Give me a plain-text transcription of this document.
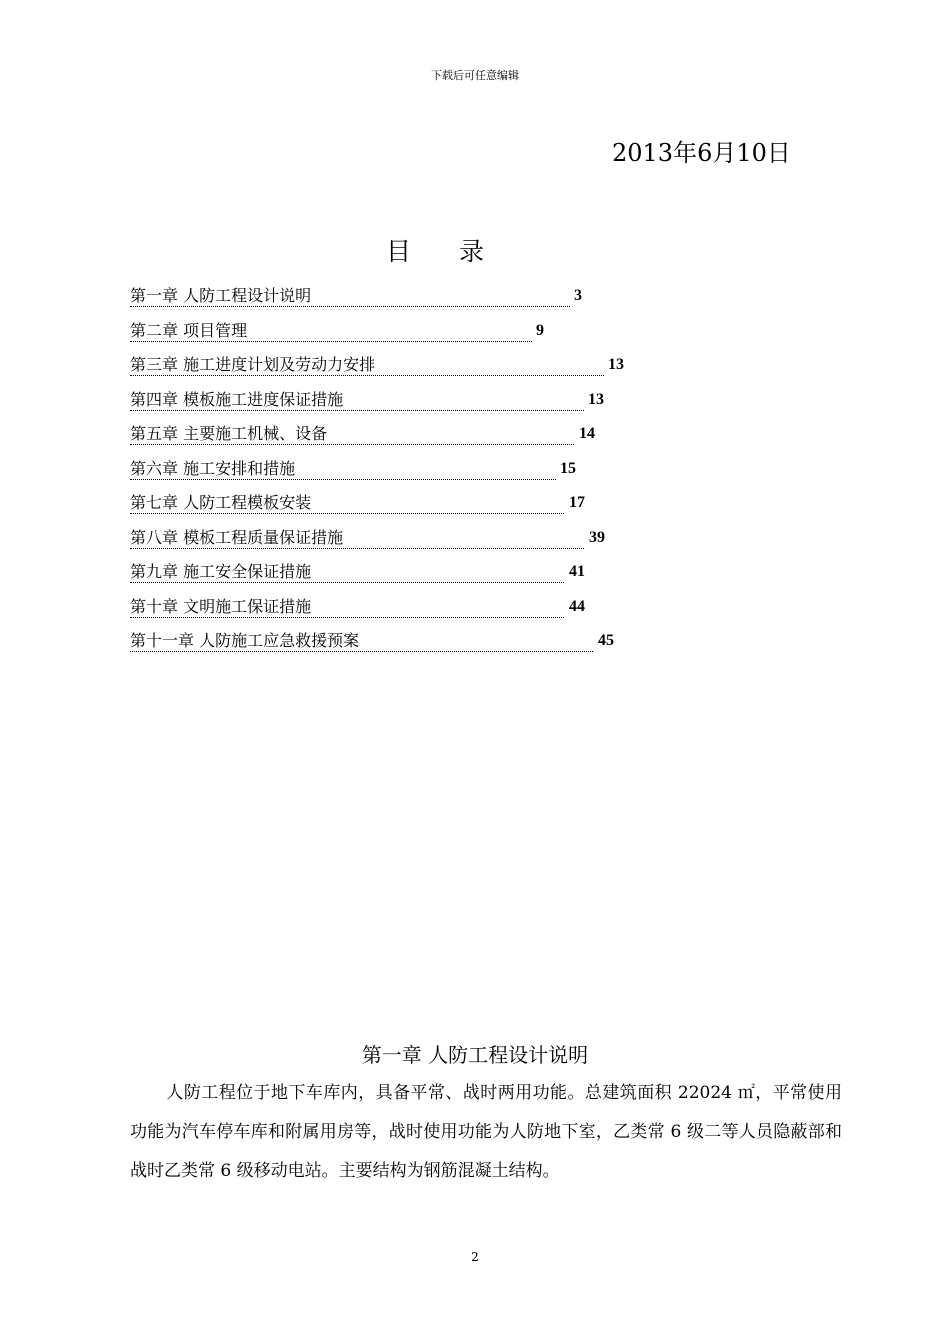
下载后可任意编辑
2013年6月10日
目 录
第一章 人防工程设计说明	3
第二章 项目管理	9
第三章 施工进度计划及劳动力安排	13
第四章 模板施工进度保证措施	13
第五章 主要施工机械、设备	14
第六章 施工安排和措施	15
第七章 人防工程模板安装	17
第八章 模板工程质量保证措施	39
第九章 施工安全保证措施	41
第十章 文明施工保证措施	44
第十一章 人防施工应急救援预案	45
第一章 人防工程设计说明
人防工程位于地下车库内，具备平常、战时两用功能。总建筑面积 22024 ㎡，平常使用功能为汽车停车库和附属用房等，战时使用功能为人防地下室，乙类常 6 级二等人员隐蔽部和战时乙类常 6 级移动电站。主要结构为钢筋混凝土结构。
2
